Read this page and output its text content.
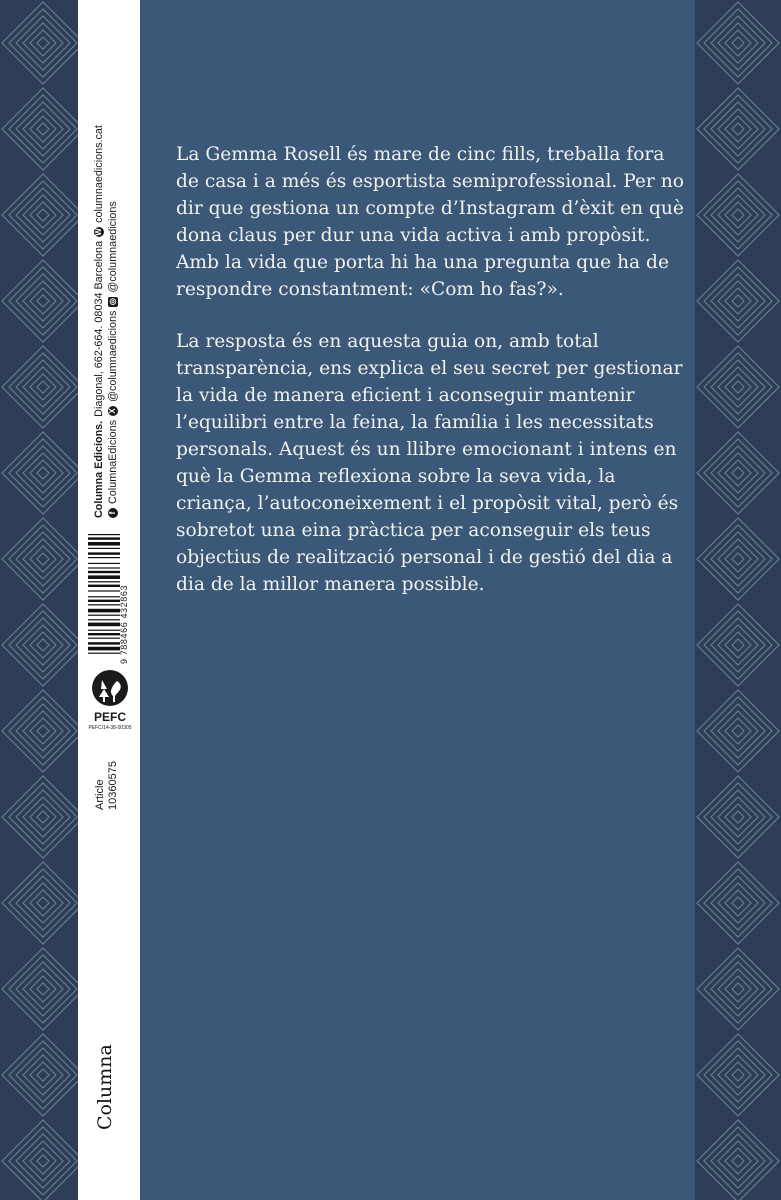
La Gemma Rosell és mare de cinc fills, treballa fora de casa i a més és esportista semiprofessional. Per no dir que gestiona un compte d’Instagram d’èxit en què dona claus per dur una vida activa i amb propòsit. Amb la vida que porta hi ha una pregunta que ha de respondre constantment: «Com ho fas?».

La resposta és en aquesta guia on, amb total transparència, ens explica el seu secret per gestionar la vida de manera eficient i aconseguir mantenir l’equilibri entre la feina, la família i les necessitats personals. Aquest és un llibre emocionant i intens en què la Gemma reflexiona sobre la seva vida, la criança, l’autoconeixement i el propòsit vital, però és sobretot una eina pràctica per aconseguir els teus objectius de realització personal i de gestió del dia a dia de la millor manera possible.

Columna Edicions.
Diagonal, 662-664. 08034 Barcelona
W
columnaedicions.cat
f
ColumnaEdicions
X
@columnaedicions
◎
@columnaedicions
9 788466 432863
PEFC
PEFC/14-38-00305
Article 10360575
Columna
